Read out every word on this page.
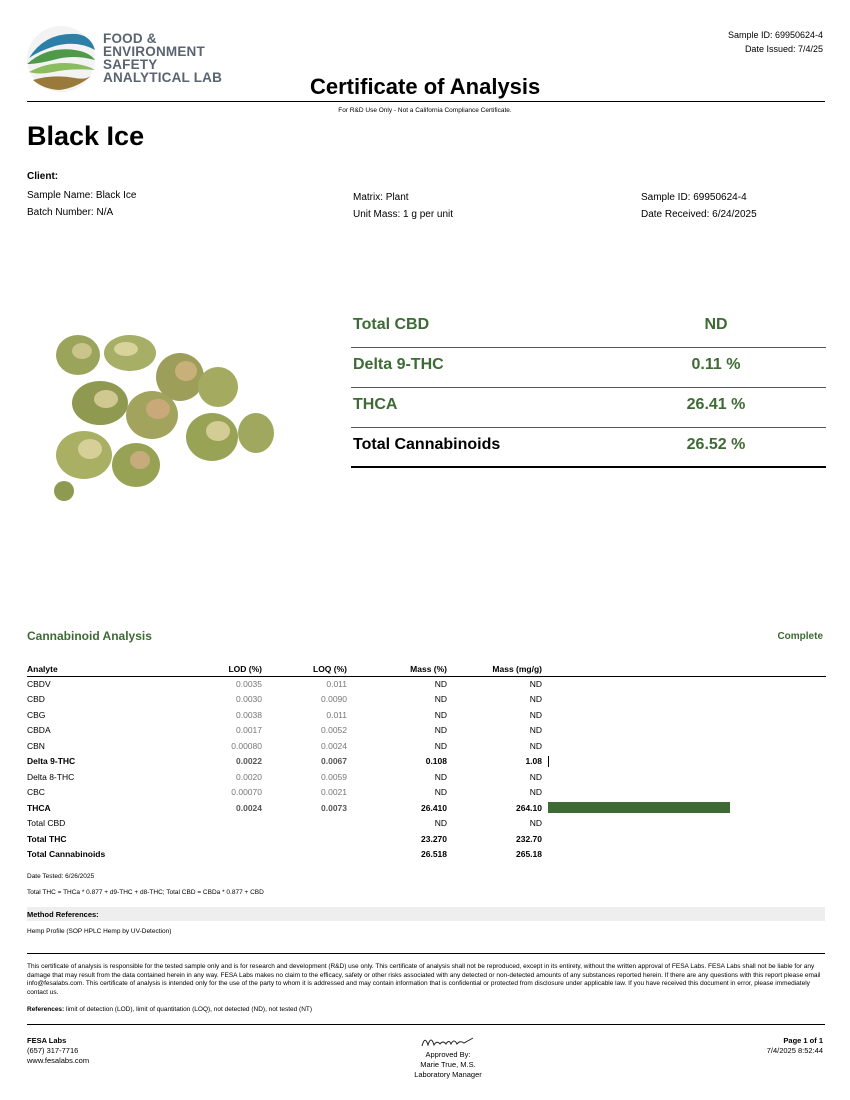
FOOD &
ENVIRONMENT
SAFETY
ANALYTICAL LAB
Sample ID: 69950624-4
Date Issued: 7/4/25
Certificate of Analysis
For R&D Use Only - Not a California Compliance Certificate.
Black Ice
Client:
Sample Name: Black Ice
Batch Number: N/A
Matrix: Plant
Unit Mass: 1 g per unit
Sample ID: 69950624-4
Date Received: 6/24/2025
Total CBD	ND
Delta 9-THC	0.11 %
THCA	26.41 %
Total Cannabinoids	26.52 %
Cannabinoid Analysis	Complete
Analyte	LOD (%)	LOQ (%)	Mass (%)	Mass (mg/g)	
CBDV	0.0035	0.011	ND	ND	
CBD	0.0030	0.0090	ND	ND	
CBG	0.0038	0.011	ND	ND	
CBDA	0.0017	0.0052	ND	ND	
CBN	0.00080	0.0024	ND	ND	
Delta 9-THC	0.0022	0.0067	0.108	1.08	

Delta 8-THC	0.0020	0.0059	ND	ND	
CBC	0.00070	0.0021	ND	ND	
THCA	0.0024	0.0073	26.410	264.10	

Total CBD			ND	ND	
Total THC			23.270	232.70	
Total Cannabinoids			26.518	265.18	
Date Tested: 6/26/2025
Total THC = THCa * 0.877 + d9-THC + d8-THC; Total CBD = CBDa * 0.877 + CBD
Method References:
Hemp Profile (SOP HPLC Hemp by UV-Detection)
This certificate of analysis is responsible for the tested sample only and is for research and development (R&D) use only. This certificate of analysis shall not be reproduced, except in its entirety, without the written approval of FESA Labs. FESA Labs shall not be liable for any damage that may result from the data contained herein in any way. FESA Labs makes no claim to the efficacy, safety or other risks associated with any detected or non-detected amounts of any substances reported herein. If there are any questions with this report please email info@fesalabs.com. This certificate of analysis is intended only for the use of the party to whom it is addressed and may contain information that is confidential or protected from disclosure under applicable law. If you have received this document in error, please immediately contact us.
References: limit of detection (LOD), limit of quantitation (LOQ), not detected (ND), not tested (NT)
FESA Labs
(657) 317-7716
www.fesalabs.com
Approved By:
Marie True, M.S.
Laboratory Manager
Page 1 of 1
7/4/2025 8:52:44
